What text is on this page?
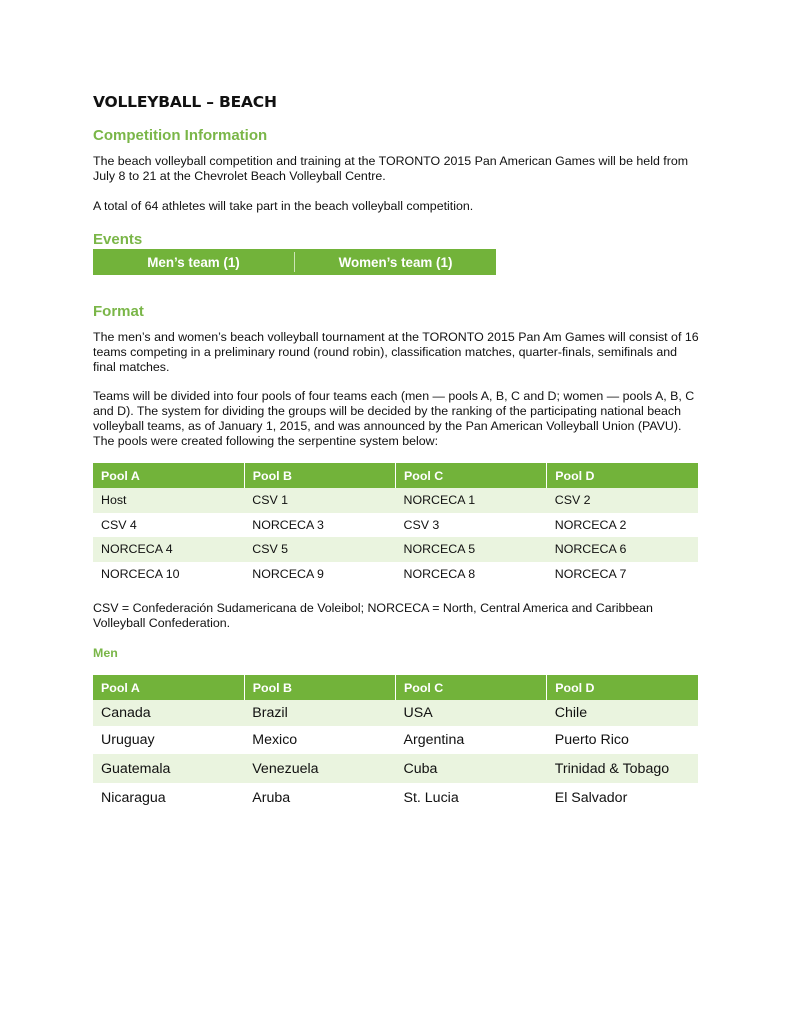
VOLLEYBALL – BEACH
Competition Information

The beach volleyball competition and training at the TORONTO 2015 Pan American Games will be held from July 8 to 21 at the Chevrolet Beach Volleyball Centre.

A total of 64 athletes will take part in the beach volleyball competition.

Events
Men’s team (1)	Women’s team (1)
Format

The men’s and women’s beach volleyball tournament at the TORONTO 2015 Pan Am Games will consist of 16 teams competing in a preliminary round (round robin), classification matches, quarter-finals, semifinals and final matches.

Teams will be divided into four pools of four teams each (men — pools A, B, C and D; women — pools A, B, C and D). The system for dividing the groups will be decided by the ranking of the participating national beach volleyball teams, as of January 1, 2015, and was announced by the Pan American Volleyball Union (PAVU). The pools were created following the serpentine system below:

Pool A	Pool B	Pool C	Pool D
Host	CSV 1	NORCECA 1	CSV 2
CSV 4	NORCECA 3	CSV 3	NORCECA 2
NORCECA 4	CSV 5	NORCECA 5	NORCECA 6
NORCECA 10	NORCECA 9	NORCECA 8	NORCECA 7

CSV = Confederación Sudamericana de Voleibol; NORCECA = North, Central America and Caribbean Volleyball Confederation.

Men
Pool A	Pool B	Pool C	Pool D
Canada	Brazil	USA	Chile
Uruguay	Mexico	Argentina	Puerto Rico
Guatemala	Venezuela	Cuba	Trinidad & Tobago
Nicaragua	Aruba	St. Lucia	El Salvador
